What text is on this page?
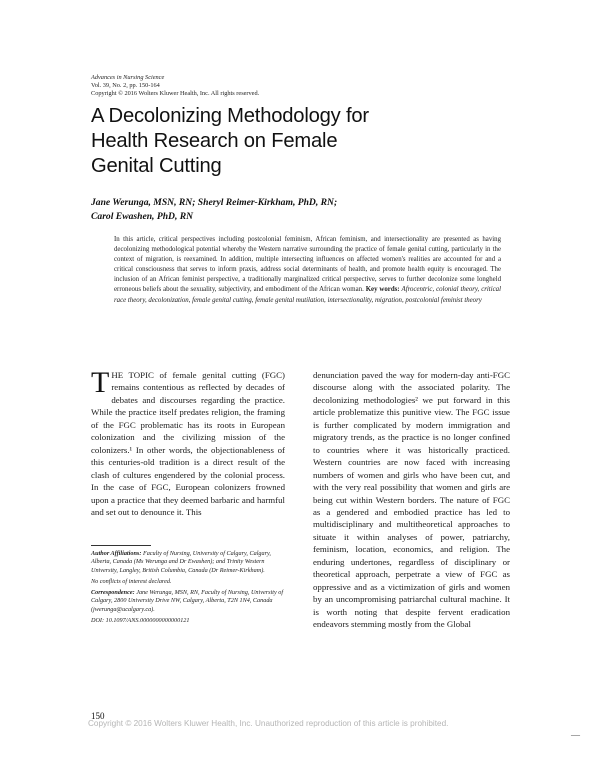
Advances in Nursing Science
Vol. 39, No. 2, pp. 150-164
Copyright © 2016 Wolters Kluwer Health, Inc. All rights reserved.
A Decolonizing Methodology for
Health Research on Female
Genital Cutting
Jane Werunga, MSN, RN; Sheryl Reimer-Kirkham, PhD, RN;
Carol Ewashen, PhD, RN

In this article, critical perspectives including postcolonial feminism, African feminism, and intersectionality are presented as having decolonizing methodological potential whereby the Western narrative surrounding the practice of female genital cutting, particularly in the context of migration, is reexamined. In addition, multiple intersecting influences on affected women's realities are accounted for and a critical consciousness that serves to inform praxis, address social determinants of health, and promote health equity is encouraged. The inclusion of an African feminist perspective, a traditionally marginalized critical perspective, serves to further decolonize some longheld erroneous beliefs about the sexuality, subjectivity, and embodiment of the African woman. Key words: Afrocentric, colonial theory, critical race theory, decolonization, female genital cutting, female genital mutilation, intersectionality, migration, postcolonial feminist theory

T HE TOPIC of female genital cutting (FGC) remains contentious as reflected by decades of debates and discourses regarding the practice. While the practice itself predates religion, the framing of the FGC problematic has its roots in European colonization and the civilizing mission of the colonizers.¹ In other words, the objectionableness of this centuries-old tradition is a direct result of the clash of cultures engendered by the colonial process. In the case of FGC, European colonizers frowned upon a practice that they deemed barbaric and harmful and set out to denounce it. This

denunciation paved the way for modern-day anti-FGC discourse along with the associated polarity. The decolonizing methodologies² we put forward in this article problematize this punitive view. The FGC issue is further complicated by modern immigration and migratory trends, as the practice is no longer confined to countries where it was historically practiced. Western countries are now faced with increasing numbers of women and girls who have been cut, and with the very real possibility that women and girls are being cut within Western borders. The nature of FGC as a gendered and embodied practice has led to multidisciplinary and multitheoretical approaches to situate it within analyses of power, patriarchy, feminism, location, economics, and religion. The enduring undertones, regardless of disciplinary or theoretical approach, perpetrate a view of FGC as oppressive and as a victimization of girls and women by an uncompromising patriarchal cultural machine. It is worth noting that despite fervent eradication endeavors stemming mostly from the Global

Author Affiliations: Faculty of Nursing, University of Calgary, Calgary, Alberta, Canada (Ms Werunga and Dr Ewashen); and Trinity Western University, Langley, British Columbia, Canada (Dr Reimer-Kirkham).

No conflicts of interest declared.

Correspondence: Jane Werunga, MSN, RN, Faculty of Nursing, University of Calgary, 2800 University Drive NW, Calgary, Alberta, T2N 1N4, Canada (jwerunga@ucalgary.ca).

DOI: 10.1097/ANS.0000000000000121

150
Copyright © 2016 Wolters Kluwer Health, Inc. Unauthorized reproduction of this article is prohibited.
—
